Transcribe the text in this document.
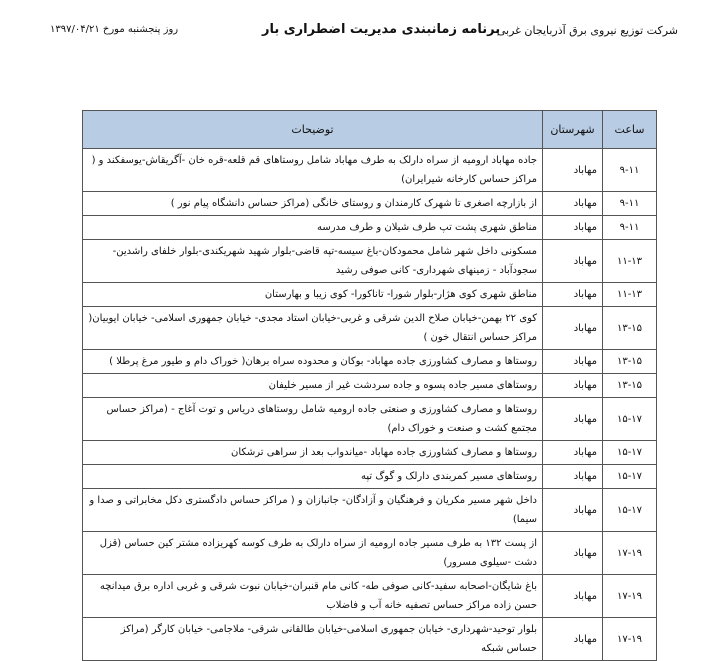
شرکت توزیع نیروی برق آذربایجان غربی
برنامه زمانبندی مدیریت اضطراری بار
روز پنجشنبه مورخ ۱۳۹۷/۰۴/۲۱
ساعت	شهرستان	توضیحات
۹-۱۱	مهاباد	جاده مهاباد ارومیه از سراه دارلک به طرف مهاباد شامل روستاهای قم قلعه-قره خان -آگریقاش-یوسفکند و ( مراکز حساس کارخانه شیرایران)
۹-۱۱	مهاباد	از بازارچه اصغری تا شهرک کارمندان و روستای خانگی (مراکز حساس دانشگاه پیام نور )
۹-۱۱	مهاباد	مناطق شهری پشت تپ طرف شیلان و طرف مدرسه
۱۱-۱۳	مهاباد	مسکونی داخل شهر شامل محمودکان-باغ سیسه-تپه قاضی-بلوار شهید شهریکندی-بلوار خلفای راشدین-سجودآباد - زمینهای شهرداری- کانی صوفی رشید
۱۱-۱۳	مهاباد	مناطق شهری کوی هژار-بلوار شورا- تاناکورا- کوی زیبا و بهارستان
۱۳-۱۵	مهاباد	کوی ۲۲ بهمن-خیابان صلاح الدین شرقی و غربی-خیابان استاد مجدی- خیابان جمهوری اسلامی- خیابان ایوبیان( مراکز حساس انتقال خون )
۱۳-۱۵	مهاباد	روستاها و مصارف کشاورزی جاده مهاباد- بوکان و محدوده سراه برهان( خوراک دام و طیور مرغ پرطلا )
۱۳-۱۵	مهاباد	روستاهای مسیر جاده پسوه و جاده سردشت غیر از مسیر خلیفان
۱۵-۱۷	مهاباد	روستاها و مصارف کشاورزی و صنعتی جاده ارومیه شامل روستاهای درياس و توت آغاج - (مراکز حساس مجتمع کشت و صنعت و خوراک دام)
۱۵-۱۷	مهاباد	روستاها و مصارف کشاورزی جاده مهاباد -میاندواب بعد از سراهی ترشکان
۱۵-۱۷	مهاباد	روستاهای مسیر کمربندی دارلک و گوگ تپه
۱۵-۱۷	مهاباد	داخل شهر مسیر مکریان و فرهنگیان و آزادگان- جانبازان و ( مراکز حساس دادگستری دکل مخابراتی و صدا و سیما)
۱۷-۱۹	مهاباد	از پست ۱۳۲ به طرف مسیر جاده ارومیه از سراه دارلک به طرف کوسه کهریزاده مشتر کین حساس (قزل دشت -سیلوی مسرور)
۱۷-۱۹	مهاباد	باغ شایگان-اصحابه سفید-کانی صوفی طه- کانی مام قنبران-خیابان نبوت شرقی و غربی اداره برق میدانچه حسن زاده مراکز حساس تصفیه خانه آب و فاضلاب
۱۷-۱۹	مهاباد	بلوار توحید-شهرداری- خیابان جمهوری اسلامی-خیابان طالقانی شرقی- ملاجامی- خیابان کارگر (مراکز حساس شبکه
